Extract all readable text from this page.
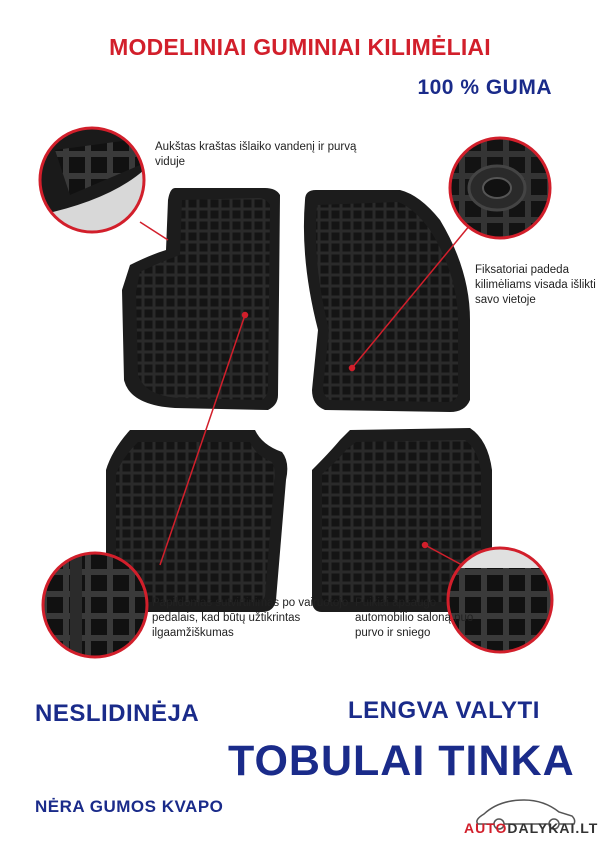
MODELINIAI GUMINIAI KILIMĖLIAI
100 % GUMA
Aukštas kraštas išlaiko vandenį ir purvą viduje
Fiksatoriai padeda kilimėliams visada išlikti savo vietoje
Papildomas sutvirtinimas po vairuotojo pedalais, kad būtų užtikrintas ilgaamžiškumas
Puikiai apsaugo automobilio saloną nuo purvo ir sniego
NESLIDINĖJA	LENGVA VALYTI
TOBULAI TINKA
NĖRA GUMOS KVAPO
AUTODALYKAI.LT
